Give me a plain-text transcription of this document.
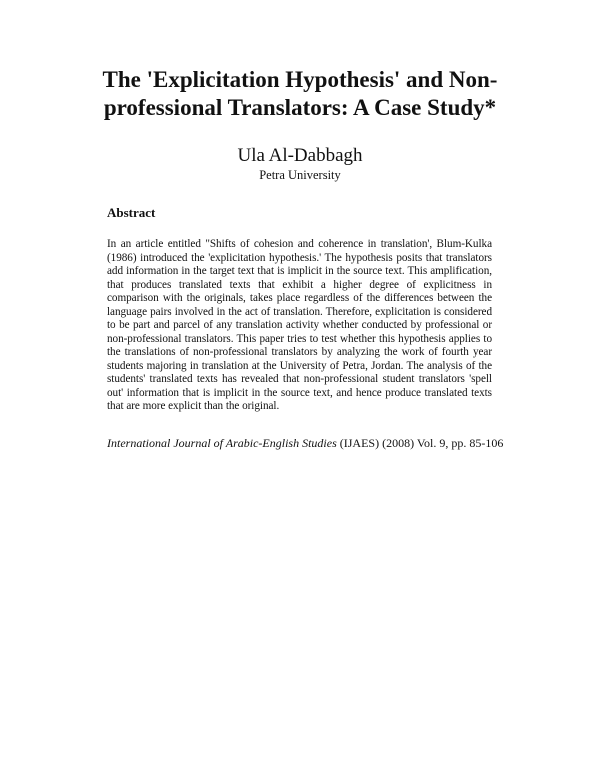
The 'Explicitation Hypothesis' and Non-
professional Translators: A Case Study*
Ula Al-Dabbagh
Petra University
Abstract

In an article entitled "Shifts of cohesion and coherence in translation', Blum-Kulka (1986) introduced the 'explicitation hypothesis.' The hypothesis posits that translators add information in the target text that is implicit in the source text. This amplification, that produces translated texts that exhibit a higher degree of explicitness in comparison with the originals, takes place regardless of the differences between the language pairs involved in the act of translation. Therefore, explicitation is considered to be part and parcel of any translation activity whether conducted by professional or non-professional translators. This paper tries to test whether this hypothesis applies to the translations of non-professional translators by analyzing the work of fourth year students majoring in translation at the University of Petra, Jordan. The analysis of the students' translated texts has revealed that non-professional student translators 'spell out' information that is implicit in the source text, and hence produce translated texts that are more explicit than the original.

International Journal of Arabic-English Studies (IJAES) (2008) Vol. 9, pp. 85-106
